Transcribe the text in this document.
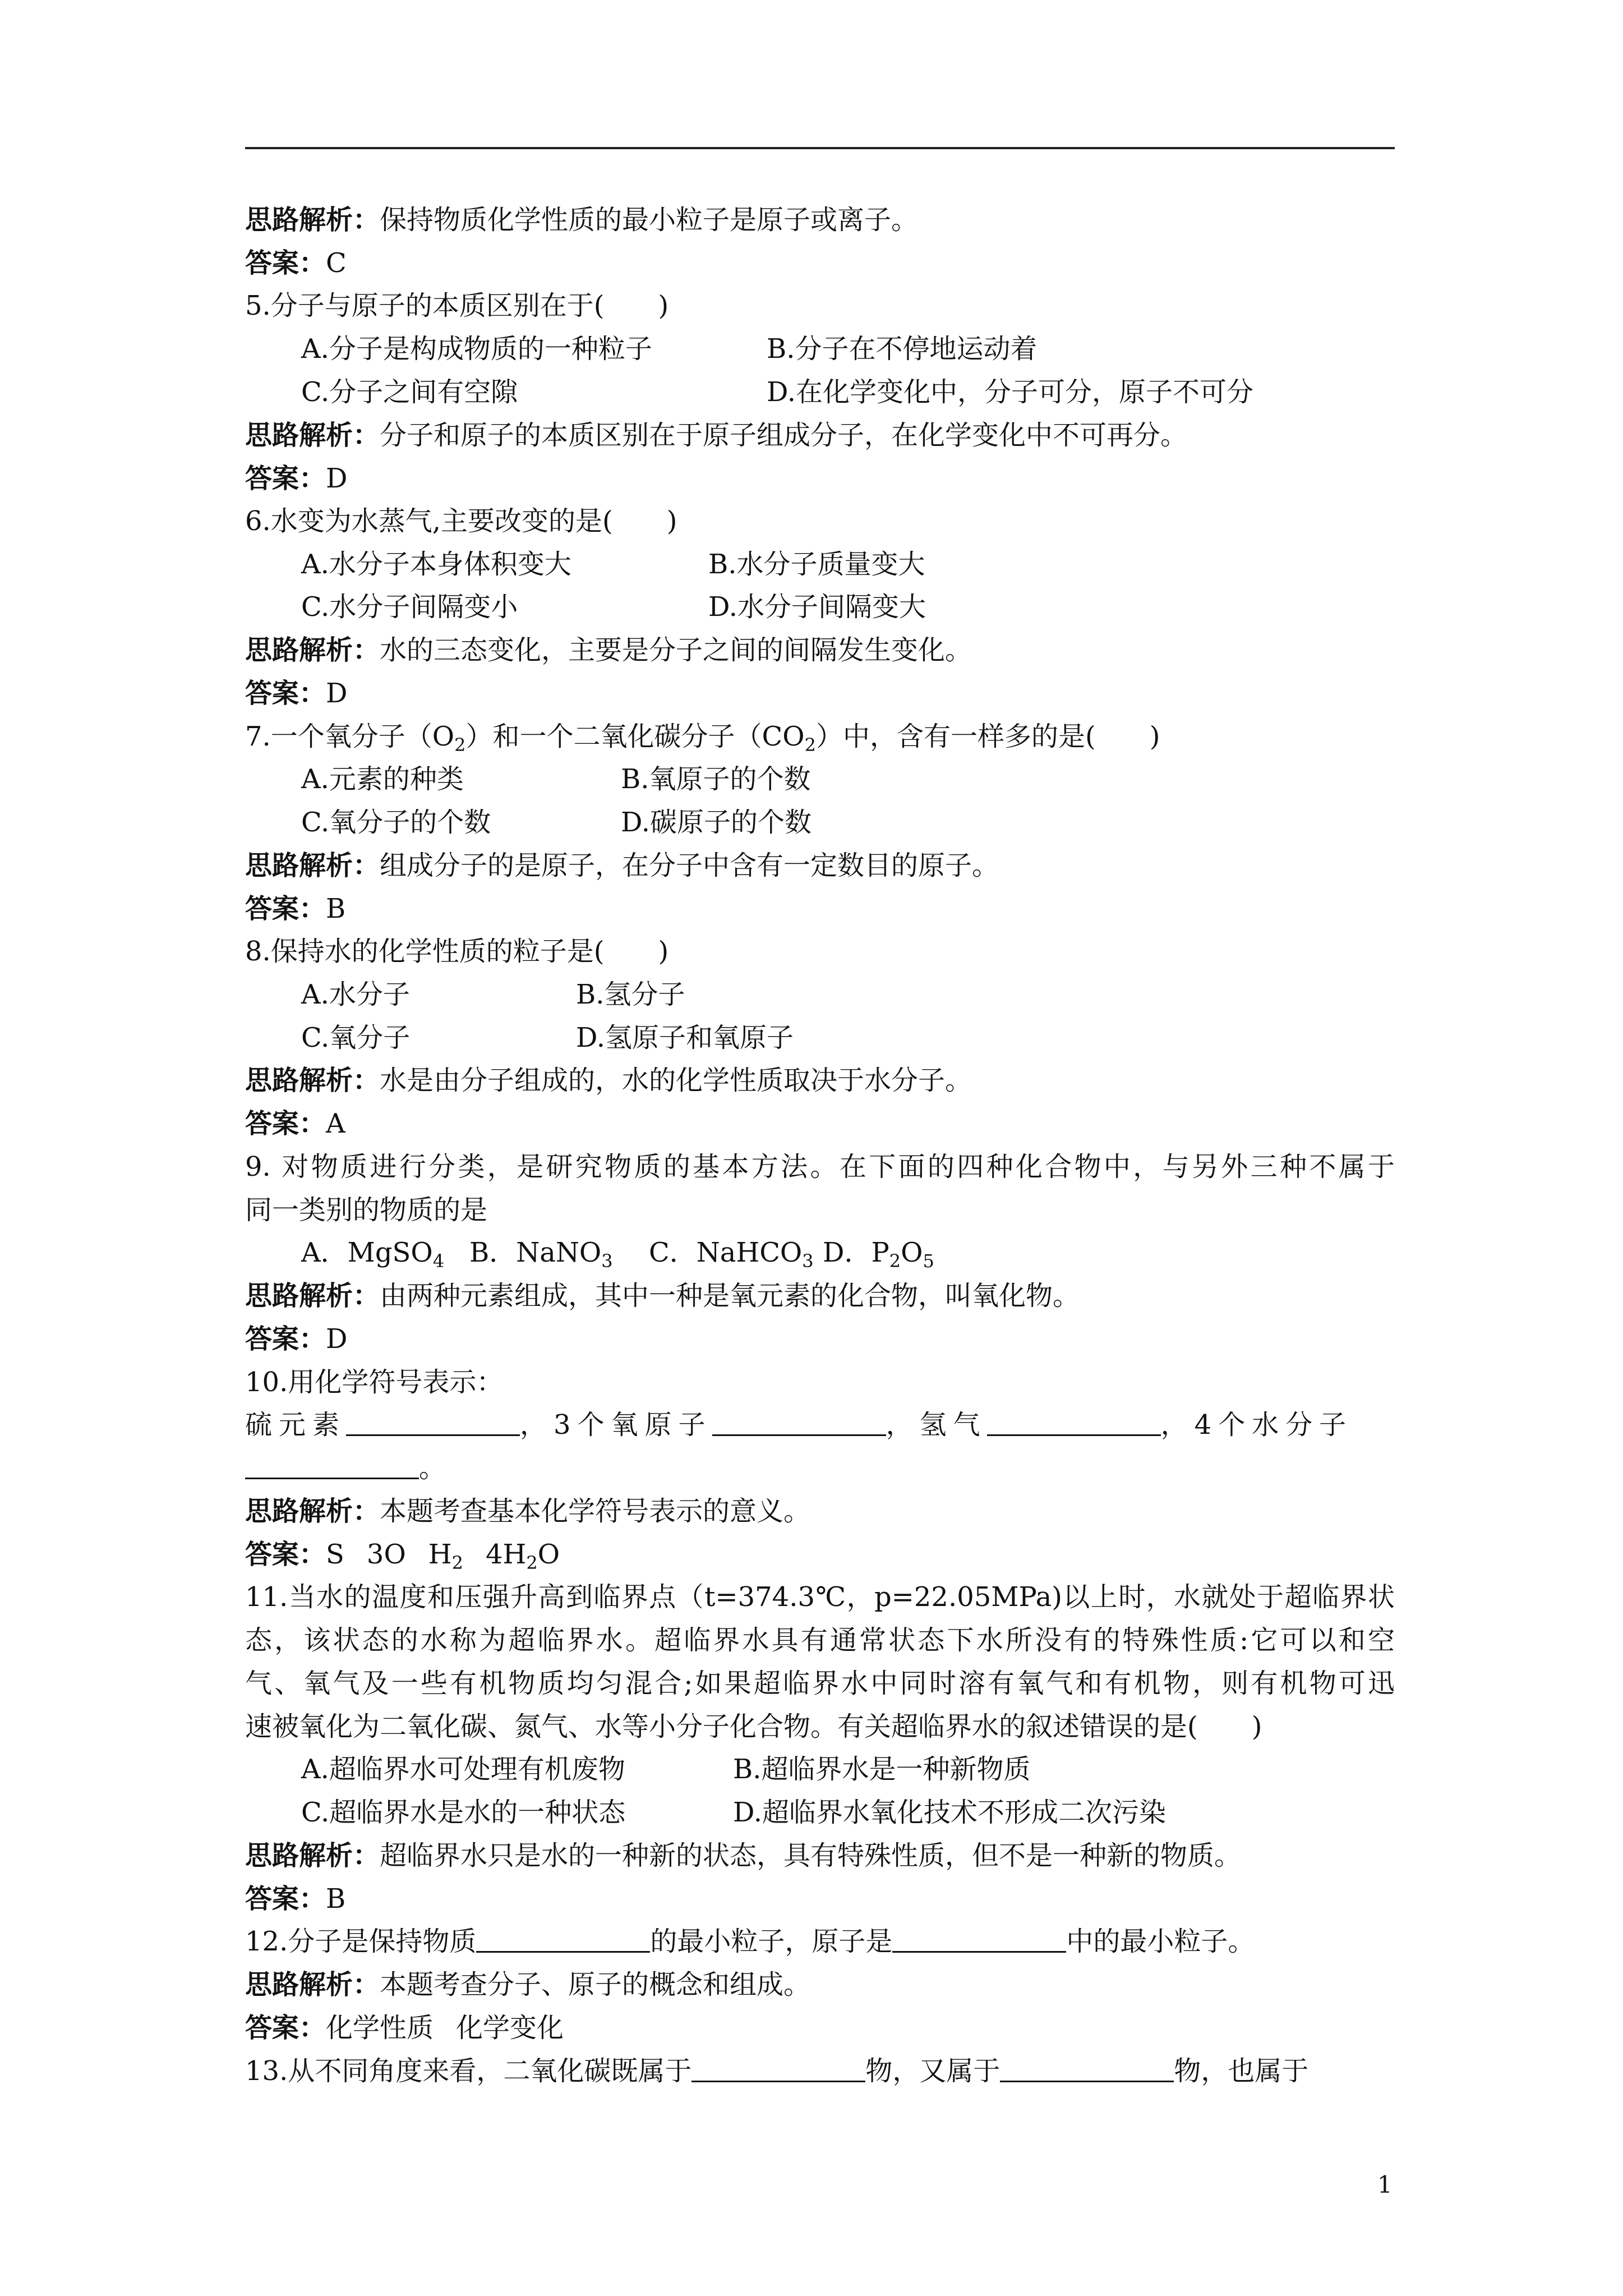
思路解析：保持物质化学性质的最小粒子是原子或离子。
答案：C
5.分子与原子的本质区别在于(　　)
A.分子是构成物质的一种粒子	B.分子在不停地运动着
C.分子之间有空隙	D.在化学变化中，分子可分，原子不可分
思路解析：分子和原子的本质区别在于原子组成分子，在化学变化中不可再分。
答案：D
6.水变为水蒸气,主要改变的是(　　)
A.水分子本身体积变大	B.水分子质量变大
C.水分子间隔变小	D.水分子间隔变大
思路解析：水的三态变化，主要是分子之间的间隔发生变化。
答案：D
7.一个氧分子$(O_2)$和一个二氧化碳分子$(CO_2)$中，含有一样多的是(　　)
A.元素的种类	B.氧原子的个数
C.氧分子的个数	D.碳原子的个数
思路解析：组成分子的是原子，在分子中含有一定数目的原子。
答案：B
8.保持水的化学性质的粒子是(　　)
A.水分子	B.氢分子
C.氧分子	D.氢原子和氧原子
思路解析：水是由分子组成的，水的化学性质取决于水分子。
答案：A
9. 对物质进行分类，是研究物质的基本方法。在下面的四种化合物中，与另外三种不属于
同一类别的物质的是
A．MgSO$_4$ B．NaNO$_3$ C．NaHCO$_3$ D．$P_2O_5$
思路解析：由两种元素组成，其中一种是氧元素的化合物，叫氧化物。
答案：D
10.用化学符号表示：
硫元素	，3个氧原子	，氢气	，4个水分子
。
思路解析：本题考查基本化学符号表示的意义。
答案：S 3O $H_2$ $4H_2O$
11.当水的温度和压强升高到临界点（t=374.3℃，p=22.05MPa)以上时，水就处于超临界状
态，该状态的水称为超临界水。超临界水具有通常状态下水所没有的特殊性质:它可以和空
气、氧气及一些有机物质均匀混合;如果超临界水中同时溶有氧气和有机物，则有机物可迅
速被氧化为二氧化碳、氮气、水等小分子化合物。有关超临界水的叙述错误的是(　　)
A.超临界水可处理有机废物	B.超临界水是一种新物质
C.超临界水是水的一种状态	D.超临界水氧化技术不形成二次污染
思路解析：超临界水只是水的一种新的状态，具有特殊性质，但不是一种新的物质。
答案：B
12.分子是保持物质	的最小粒子，原子是	中的最小粒子。
思路解析：本题考查分子、原子的概念和组成。
答案：化学性质 化学变化
13.从不同角度来看，二氧化碳既属于	物，又属于	物，也属于
1
